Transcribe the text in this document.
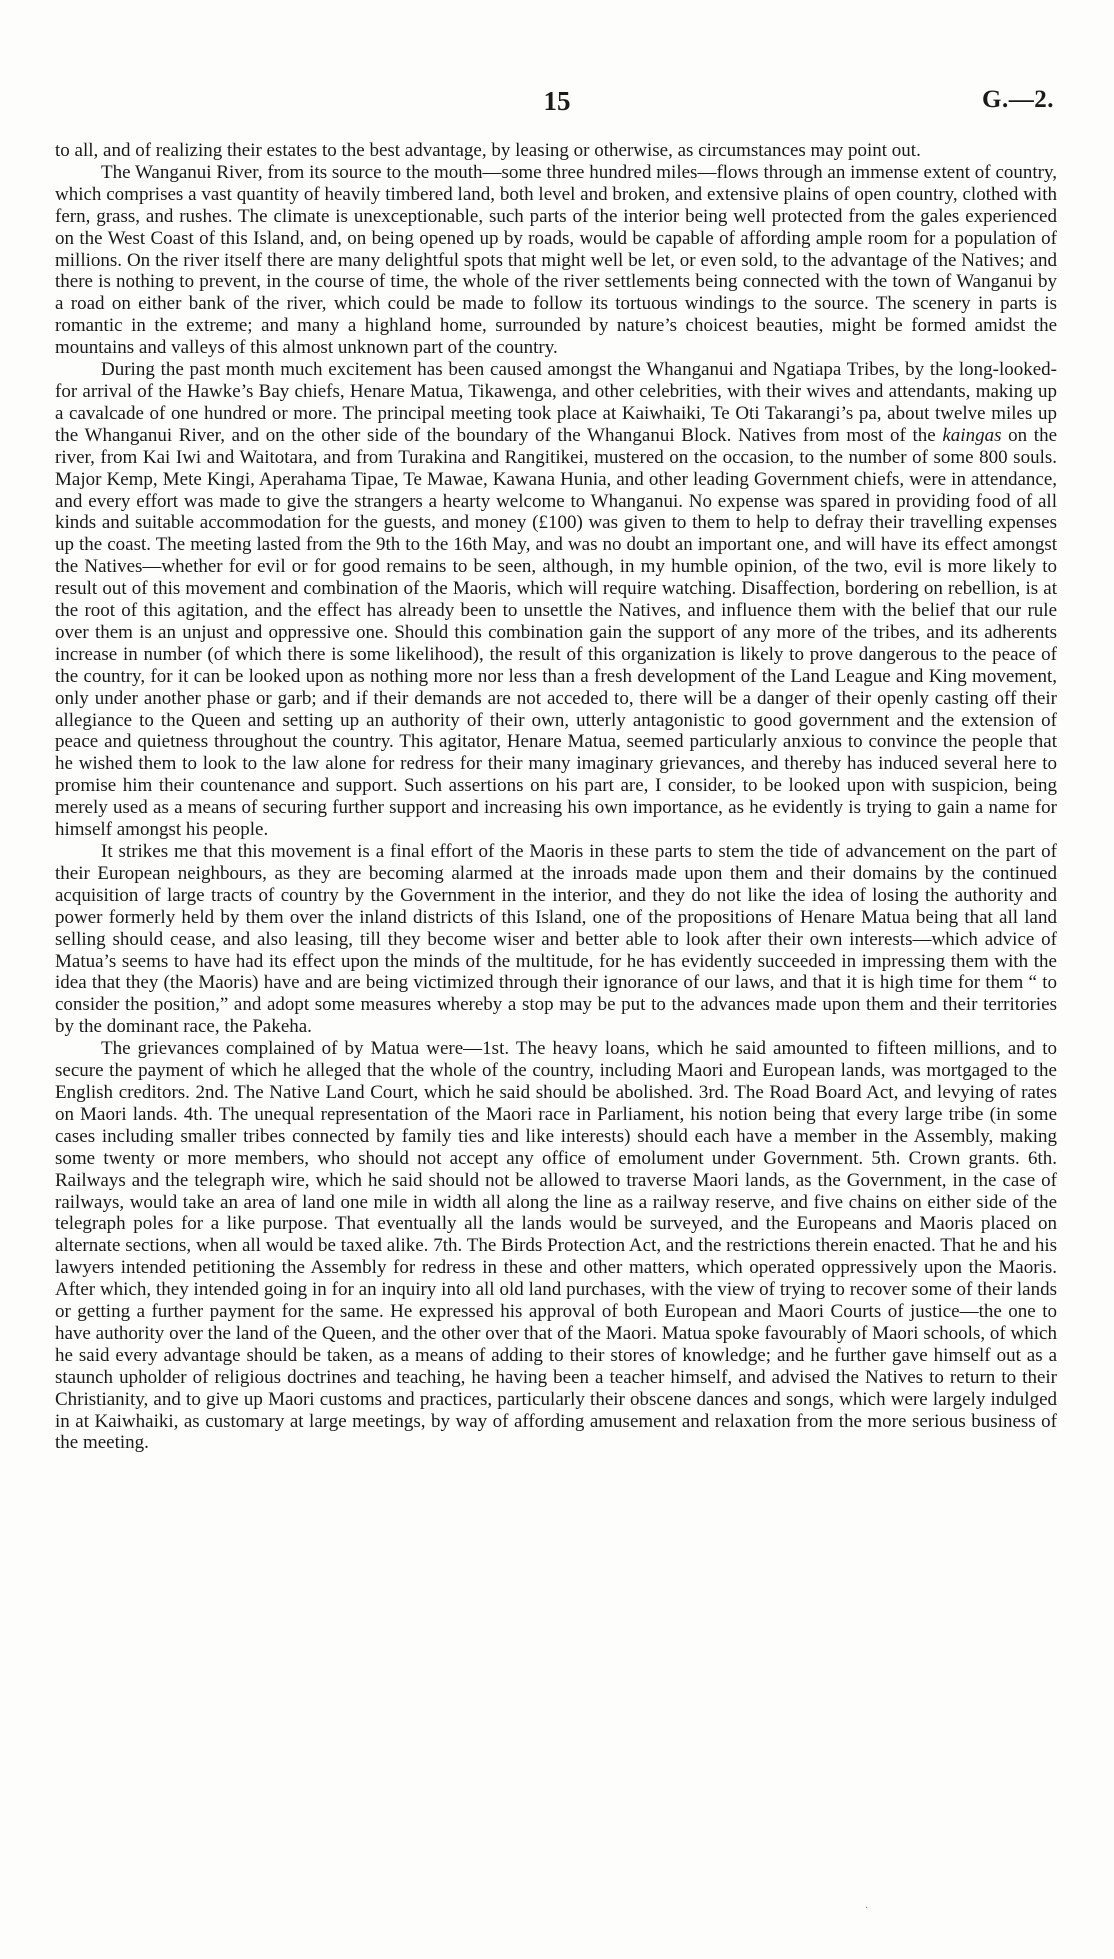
15	G.—2.

to all, and of realizing their estates to the best advantage, by leasing or otherwise, as circumstances may point out.

The Wanganui River, from its source to the mouth—some three hundred miles—flows through an immense extent of country, which comprises a vast quantity of heavily timbered land, both level and broken, and extensive plains of open country, clothed with fern, grass, and rushes. The climate is unexceptionable, such parts of the interior being well protected from the gales experienced on the West Coast of this Island, and, on being opened up by roads, would be capable of affording ample room for a population of millions. On the river itself there are many delightful spots that might well be let, or even sold, to the advantage of the Natives; and there is nothing to prevent, in the course of time, the whole of the river settlements being connected with the town of Wanganui by a road on either bank of the river, which could be made to follow its tortuous windings to the source. The scenery in parts is romantic in the extreme; and many a highland home, surrounded by nature’s choicest beauties, might be formed amidst the mountains and valleys of this almost unknown part of the country.

During the past month much excitement has been caused amongst the Whanganui and Ngatiapa Tribes, by the long-looked-for arrival of the Hawke’s Bay chiefs, Henare Matua, Tikawenga, and other celebrities, with their wives and attendants, making up a cavalcade of one hundred or more. The principal meeting took place at Kaiwhaiki, Te Oti Takarangi’s pa, about twelve miles up the Whanganui River, and on the other side of the boundary of the Whanganui Block. Natives from most of the kaingas on the river, from Kai Iwi and Waitotara, and from Turakina and Rangitikei, mustered on the occasion, to the number of some 800 souls. Major Kemp, Mete Kingi, Aperahama Tipae, Te Mawae, Kawana Hunia, and other leading Government chiefs, were in attendance, and every effort was made to give the strangers a hearty welcome to Whanganui. No expense was spared in providing food of all kinds and suitable accommodation for the guests, and money (£100) was given to them to help to defray their travelling expenses up the coast. The meeting lasted from the 9th to the 16th May, and was no doubt an important one, and will have its effect amongst the Natives—whether for evil or for good remains to be seen, although, in my humble opinion, of the two, evil is more likely to result out of this movement and combination of the Maoris, which will require watching. Disaffection, bordering on rebellion, is at the root of this agitation, and the effect has already been to unsettle the Natives, and influence them with the belief that our rule over them is an unjust and oppressive one. Should this combination gain the support of any more of the tribes, and its adherents increase in number (of which there is some likelihood), the result of this organization is likely to prove dangerous to the peace of the country, for it can be looked upon as nothing more nor less than a fresh development of the Land League and King movement, only under another phase or garb; and if their demands are not acceded to, there will be a danger of their openly casting off their allegiance to the Queen and setting up an authority of their own, utterly antagonistic to good government and the extension of peace and quietness throughout the country. This agitator, Henare Matua, seemed particularly anxious to convince the people that he wished them to look to the law alone for redress for their many imaginary grievances, and thereby has induced several here to promise him their countenance and support. Such assertions on his part are, I consider, to be looked upon with suspicion, being merely used as a means of securing further support and increasing his own importance, as he evidently is trying to gain a name for himself amongst his people.

It strikes me that this movement is a final effort of the Maoris in these parts to stem the tide of advancement on the part of their European neighbours, as they are becoming alarmed at the inroads made upon them and their domains by the continued acquisition of large tracts of country by the Government in the interior, and they do not like the idea of losing the authority and power formerly held by them over the inland districts of this Island, one of the propositions of Henare Matua being that all land selling should cease, and also leasing, till they become wiser and better able to look after their own interests—which advice of Matua’s seems to have had its effect upon the minds of the multitude, for he has evidently succeeded in impressing them with the idea that they (the Maoris) have and are being victimized through their ignorance of our laws, and that it is high time for them “ to consider the position,” and adopt some measures whereby a stop may be put to the advances made upon them and their territories by the dominant race, the Pakeha.

The grievances complained of by Matua were—1st. The heavy loans, which he said amounted to fifteen millions, and to secure the payment of which he alleged that the whole of the country, including Maori and European lands, was mortgaged to the English creditors. 2nd. The Native Land Court, which he said should be abolished. 3rd. The Road Board Act, and levying of rates on Maori lands. 4th. The unequal representation of the Maori race in Parliament, his notion being that every large tribe (in some cases including smaller tribes connected by family ties and like interests) should each have a member in the Assembly, making some twenty or more members, who should not accept any office of emolument under Government. 5th. Crown grants. 6th. Railways and the telegraph wire, which he said should not be allowed to traverse Maori lands, as the Government, in the case of railways, would take an area of land one mile in width all along the line as a railway reserve, and five chains on either side of the telegraph poles for a like purpose. That eventually all the lands would be surveyed, and the Europeans and Maoris placed on alternate sections, when all would be taxed alike. 7th. The Birds Protection Act, and the restrictions therein enacted. That he and his lawyers intended petitioning the Assembly for redress in these and other matters, which operated oppressively upon the Maoris. After which, they intended going in for an inquiry into all old land purchases, with the view of trying to recover some of their lands or getting a further payment for the same. He expressed his approval of both European and Maori Courts of justice—the one to have authority over the land of the Queen, and the other over that of the Maori. Matua spoke favourably of Maori schools, of which he said every advantage should be taken, as a means of adding to their stores of knowledge; and he further gave himself out as a staunch upholder of religious doctrines and teaching, he having been a teacher himself, and advised the Natives to return to their Christianity, and to give up Maori customs and practices, particularly their obscene dances and songs, which were largely indulged in at Kaiwhaiki, as customary at large meetings, by way of affording amusement and relaxation from the more serious business of the meeting.

·
